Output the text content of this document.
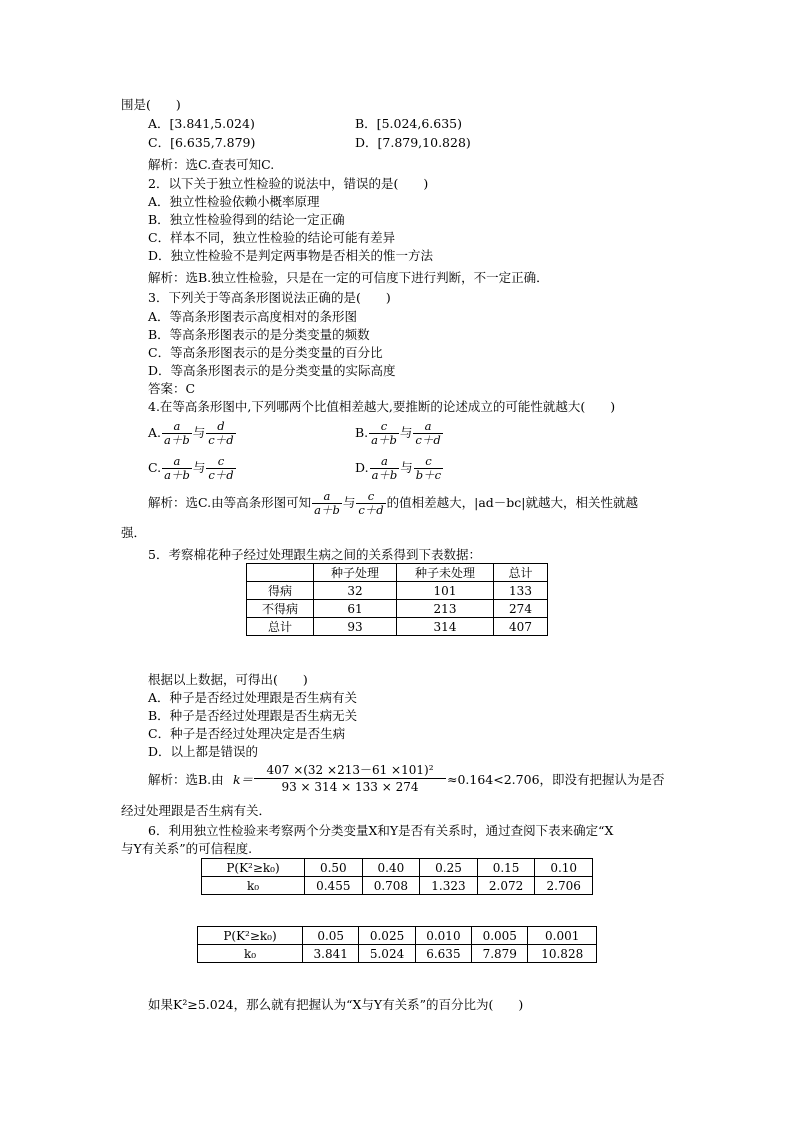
围是(　　)
A．[3.841,5.024)	B．[5.024,6.635)
C．[6.635,7.879)	D．[7.879,10.828)
解析：选C.查表可知C.
2．以下关于独立性检验的说法中，错误的是(　　)
A．独立性检验依赖小概率原理
B．独立性检验得到的结论一定正确
C．样本不同，独立性检验的结论可能有差异
D．独立性检验不是判定两事物是否相关的惟一方法
解析：选B.独立性检验，只是在一定的可信度下进行判断，不一定正确．
3．下列关于等高条形图说法正确的是(　　)
A．等高条形图表示高度相对的条形图
B．等高条形图表示的是分类变量的频数
C．等高条形图表示的是分类变量的百分比
D．等高条形图表示的是分类变量的实际高度
答案：C
4.在等高条形图中,下列哪两个比值相差越大,要推断的论述成立的可能性就越大(　　)
A. $\frac{a}{a+b}$ 与 $\frac{d}{c+d}$	B. $\frac{c}{a+b}$ 与 $\frac{a}{c+d}$
C. $\frac{a}{a+b}$ 与 $\frac{c}{c+d}$	D. $\frac{a}{a+b}$ 与 $\frac{c}{b+c}$
解析：选C.由等高条形图可知 $\frac{a}{a+b}$ 与 $\frac{c}{c+d}$ 的值相差越大，|ad－bc|就越大，相关性就越
强．
5．考察棉花种子经过处理跟生病之间的关系得到下表数据：
	种子处理	种子未处理	总计
得病	32	101	133
不得病	61	213	274
总计	93	314	407
根据以上数据，可得出(　　)
A．种子是否经过处理跟是否生病有关
B．种子是否经过处理跟是否生病无关
C．种子是否经过处理决定是否生病
D．以上都是错误的
解析：选B.由 $k= \frac{\text{407 ×(32 ×213－61 ×101)²}}{93 \times 314 \times 133 \times 274} \approx 0.164<2.706$，即没有把握认为是否
经过处理跟是否生病有关．
6．利用独立性检验来考察两个分类变量X和Y是否有关系时，通过查阅下表来确定“X
与Y有关系”的可信程度.
P(K²≥k₀)	0.50	0.40	0.25	0.15	0.10
k₀	0.455	0.708	1.323	2.072	2.706
P(K²≥k₀)	0.05	0.025	0.010	0.005	0.001
k₀	3.841	5.024	6.635	7.879	10.828
如果K²≥5.024，那么就有把握认为“X与Y有关系”的百分比为(　　)
